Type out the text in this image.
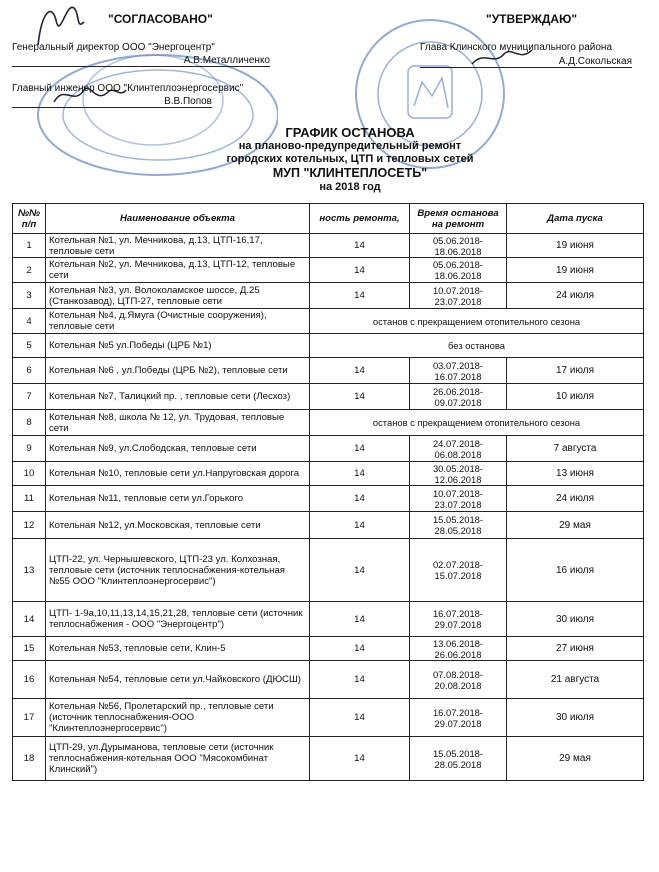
"СОГЛАСОВАНО"
Генеральный директор ООО "Энергоцентр"
А.В.Металличенко
Главный инженер ООО "Клинтеплоэнергосервис"
В.В.Попов
"УТВЕРЖДАЮ"
Глава Клинского муниципального района
А.Д.Сокольская
ГРАФИК ОСТАНОВА
на планово-предупредительный ремонт
городских котельных, ЦТП и тепловых сетей
МУП "КЛИНТЕПЛОСЕТЬ"
на 2018 год
№№ п/п	Наименование объекта	ность ремонта,	Время останова на ремонт	Дата пуска
1	Котельная №1, ул. Мечникова, д.13, ЦТП-16,17, тепловые сети	14	05.06.2018-18.06.2018	19 июня
2	Котельная №2, ул. Мечникова, д.13, ЦТП-12, тепловые сети	14	05.06.2018-18.06.2018	19 июня
3	Котельная №3, ул. Волоколамское шоссе, Д.25 (Станкозавод), ЦТП-27, тепловые сети	14	10.07.2018-23.07.2018	24 июля
4	Котельная №4, д.Ямуга (Очистные сооружения), тепловые сети	останов с прекращением отопительного сезона		
5	Котельная №5 ул.Победы (ЦРБ №1)	без останова		
6	Котельная №6 , ул.Победы (ЦРБ №2), тепловые сети	14	03.07.2018-16.07.2018	17 июля
7	Котельная №7, Талицкий пр. , тепловые сети (Лесхоз)	14	26.06.2018-09.07.2018	10 июля
8	Котельная №8, школа № 12, ул. Трудовая, тепловые сети	останов с прекращением отопительного сезона		
9	Котельная №9, ул.Слободская, тепловые сети	14	24.07.2018-06.08.2018	7 августа
10	Котельная №10, тепловые сети ул.Напруговская дорога	14	30.05.2018-12.06.2018	13 июня
11	Котельная №11, тепловые сети ул.Горького	14	10.07.2018-23.07.2018	24 июля
12	Котельная №12, ул.Московская, тепловые сети	14	15.05.2018-28.05.2018	29 мая
13	ЦТП-22, ул. Чернышевского, ЦТП-23 ул. Колхозная, тепловые сети (источник теплоснабжения-котельная №55 ООО "Клинтеплоэнергосервис")	14	02.07.2018-15.07.2018	16 июля
14	ЦТП- 1-9а,10,11,13,14,15,21,28, тепловые сети (источник теплоснабжения - ООО "Энергоцентр")	14	16.07.2018-29.07.2018	30 июля
15	Котельная №53, тепловые сети, Клин-5	14	13.06.2018-26.06.2018	27 июня
16	Котельная №54, тепловые сети ул.Чайковского (ДЮСШ)	14	07.08.2018-20.08.2018	21 августа
17	Котельная №56, Пролетарский пр., тепловые сети (источник теплоснабжения-ООО "Клинтеплоэнергосервис")	14	16.07.2018-29.07.2018	30 июля
18	ЦТП-29, ул.Дурыманова, тепловые сети (источник теплоснабжения-котельная ООО "Мясокомбинат Клинский")	14	15.05.2018-28.05.2018	29 мая
